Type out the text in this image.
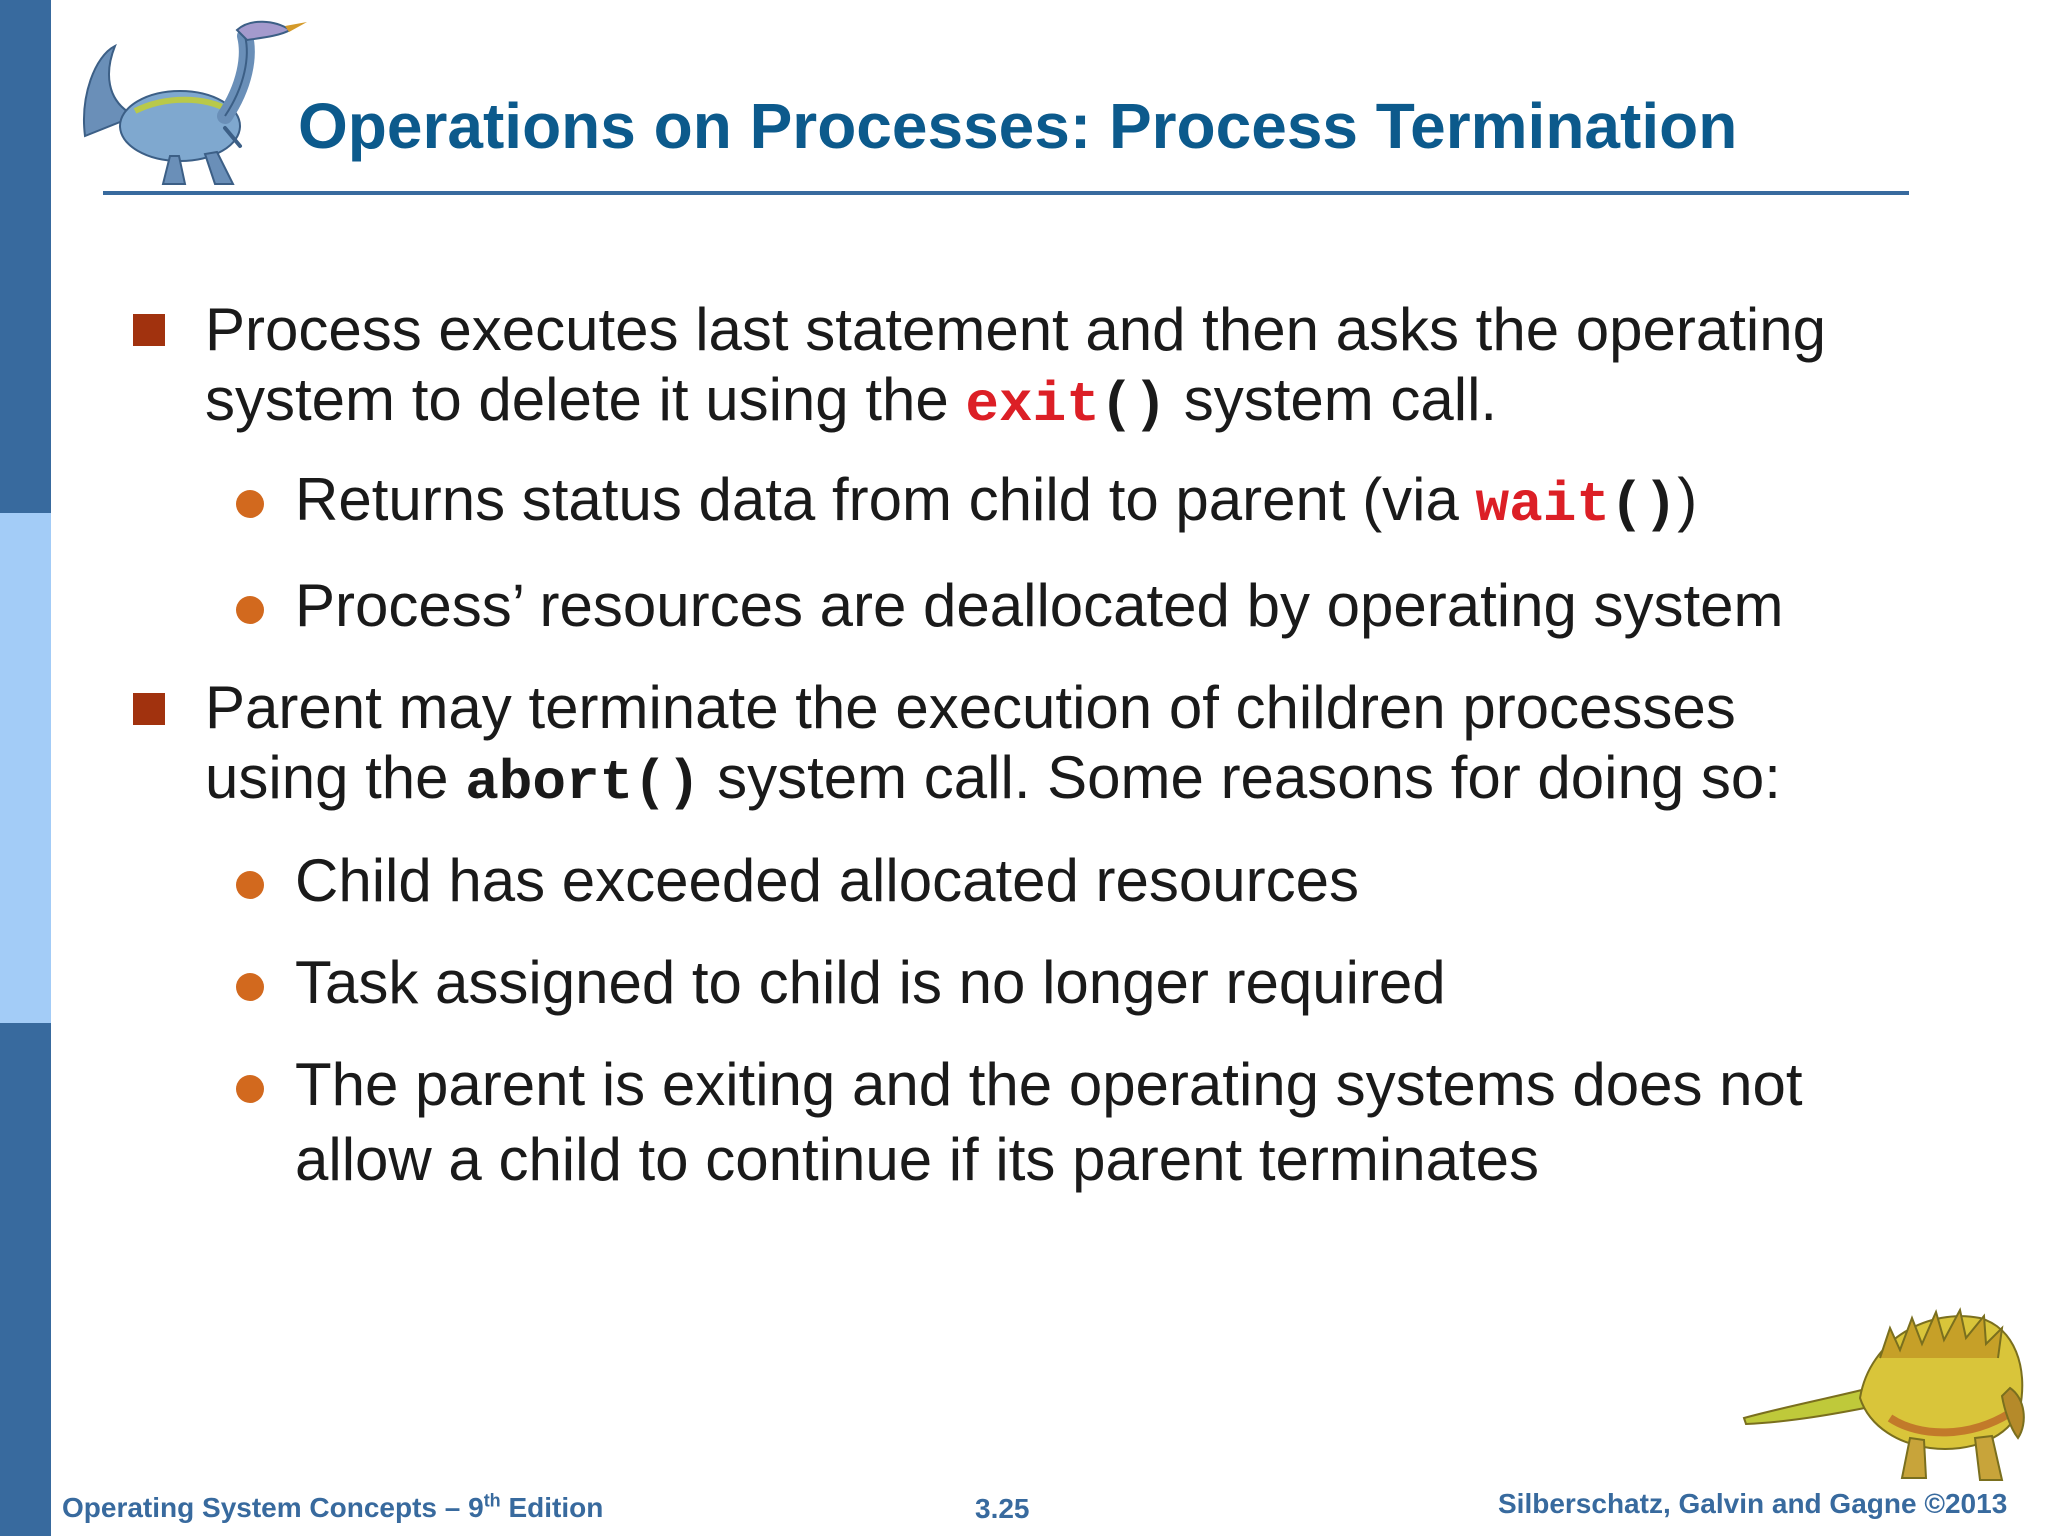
Operations on Processes: Process Termination
Process executes last statement and then asks the operating
system to delete it using the exit() system call.
Returns status data from child to parent (via wait())
Process’ resources are deallocated by operating system
Parent may terminate the execution of children processes
using the abort() system call. Some reasons for doing so:
Child has exceeded allocated resources
Task assigned to child is no longer required
The parent is exiting and the operating systems does not
allow a child to continue if its parent terminates
Operating System Concepts – 9th Edition	3.25	Silberschatz, Galvin and Gagne ©2013
